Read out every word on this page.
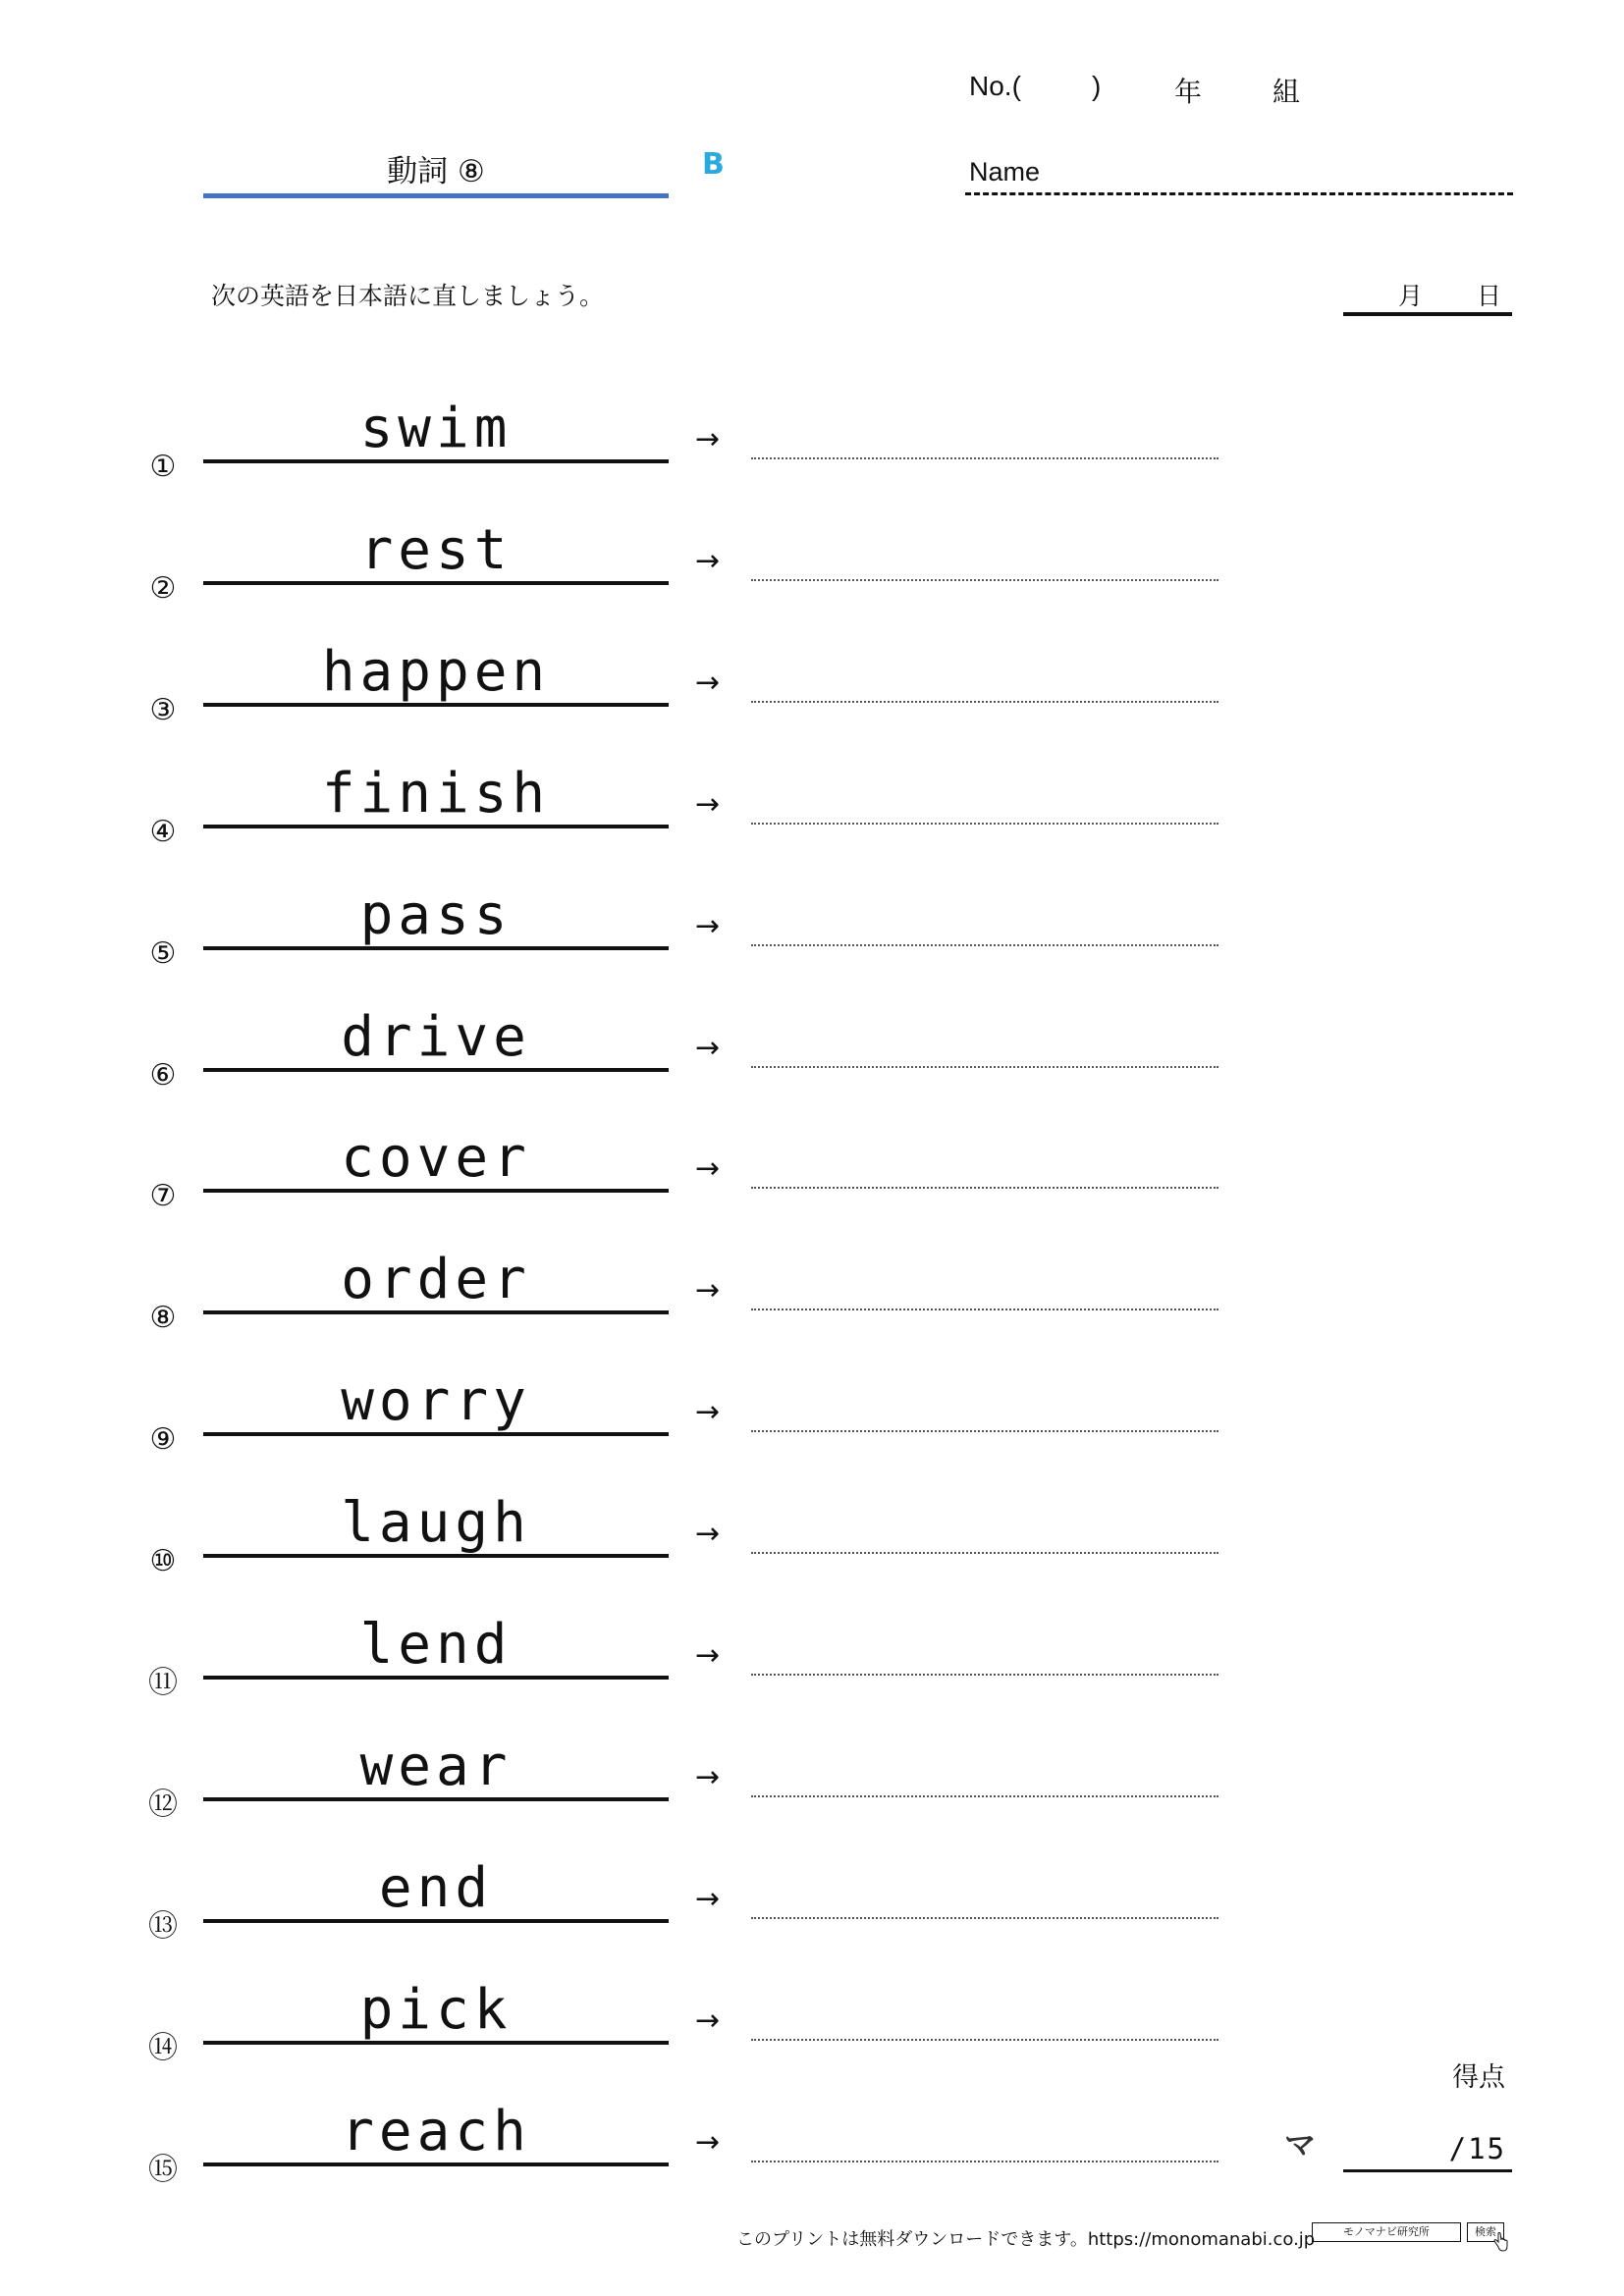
No.(	)	年	組
動詞 ⑧	B	Name
次の英語を日本語に直しましょう。	月 日
①
swim	→
②
rest	→
③
happen	→
④
finish	→
⑤
pass	→
⑥
drive	→
⑦
cover	→
⑧
order	→
⑨
worry	→
⑩
laugh	→
⑪
lend	→
⑫
wear	→
⑬
end	→
⑭
pick	→
⑮
reach	→
得点
マ	/15
このプリントは無料ダウンロードできます。https://monomanabi.co.jp	モノマナビ研究所	検索
